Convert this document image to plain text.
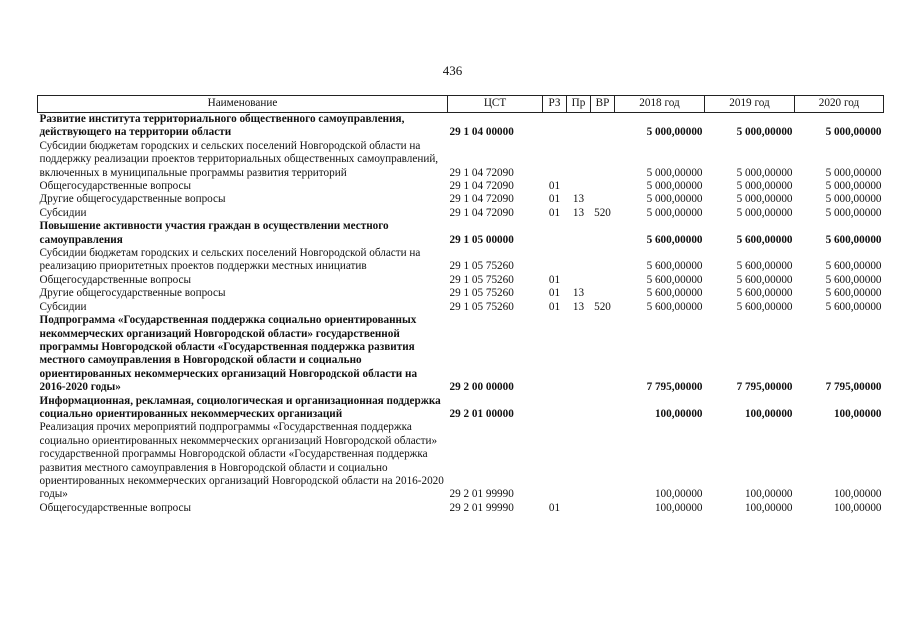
436
Наименование	ЦСТ	РЗ	Пр	ВР	2018 год	2019 год	2020 год
Развитие института территориального общественного самоуправления, действующего на территории области	29 1 04 00000				5 000,00000	5 000,00000	5 000,00000
Субсидии бюджетам городских и сельских поселений Новгородской области на поддержку реализации проектов территориальных общественных самоуправлений, включенных в муниципальные программы развития территорий	29 1 04 72090				5 000,00000	5 000,00000	5 000,00000
Общегосударственные вопросы	29 1 04 72090	01			5 000,00000	5 000,00000	5 000,00000
Другие общегосударственные вопросы	29 1 04 72090	01	13		5 000,00000	5 000,00000	5 000,00000
Субсидии	29 1 04 72090	01	13	520	5 000,00000	5 000,00000	5 000,00000
Повышение активности участия граждан в осуществлении местного самоуправления	29 1 05 00000				5 600,00000	5 600,00000	5 600,00000
Субсидии бюджетам городских и сельских поселений Новгородской области на реализацию приоритетных проектов поддержки местных инициатив	29 1 05 75260				5 600,00000	5 600,00000	5 600,00000
Общегосударственные вопросы	29 1 05 75260	01			5 600,00000	5 600,00000	5 600,00000
Другие общегосударственные вопросы	29 1 05 75260	01	13		5 600,00000	5 600,00000	5 600,00000
Субсидии	29 1 05 75260	01	13	520	5 600,00000	5 600,00000	5 600,00000
Подпрограмма «Государственная поддержка социально ориентированных некоммерческих организаций Новгородской области» государственной программы Новгородской области «Государственная поддержка развития местного самоуправления в Новгородской области и социально ориентированных некоммерческих организаций Новгородской области на 2016-2020 годы»	29 2 00 00000				7 795,00000	7 795,00000	7 795,00000
Информационная, рекламная, социологическая и организационная поддержка социально ориентированных некоммерческих организаций	29 2 01 00000				100,00000	100,00000	100,00000
Реализация прочих мероприятий подпрограммы «Государственная поддержка социально ориентированных некоммерческих организаций Новгородской области» государственной программы Новгородской области «Государственная поддержка развития местного самоуправления в Новгородской области и социально ориентированных некоммерческих организаций Новгородской области на 2016-2020 годы»	29 2 01 99990				100,00000	100,00000	100,00000
Общегосударственные вопросы	29 2 01 99990	01			100,00000	100,00000	100,00000
